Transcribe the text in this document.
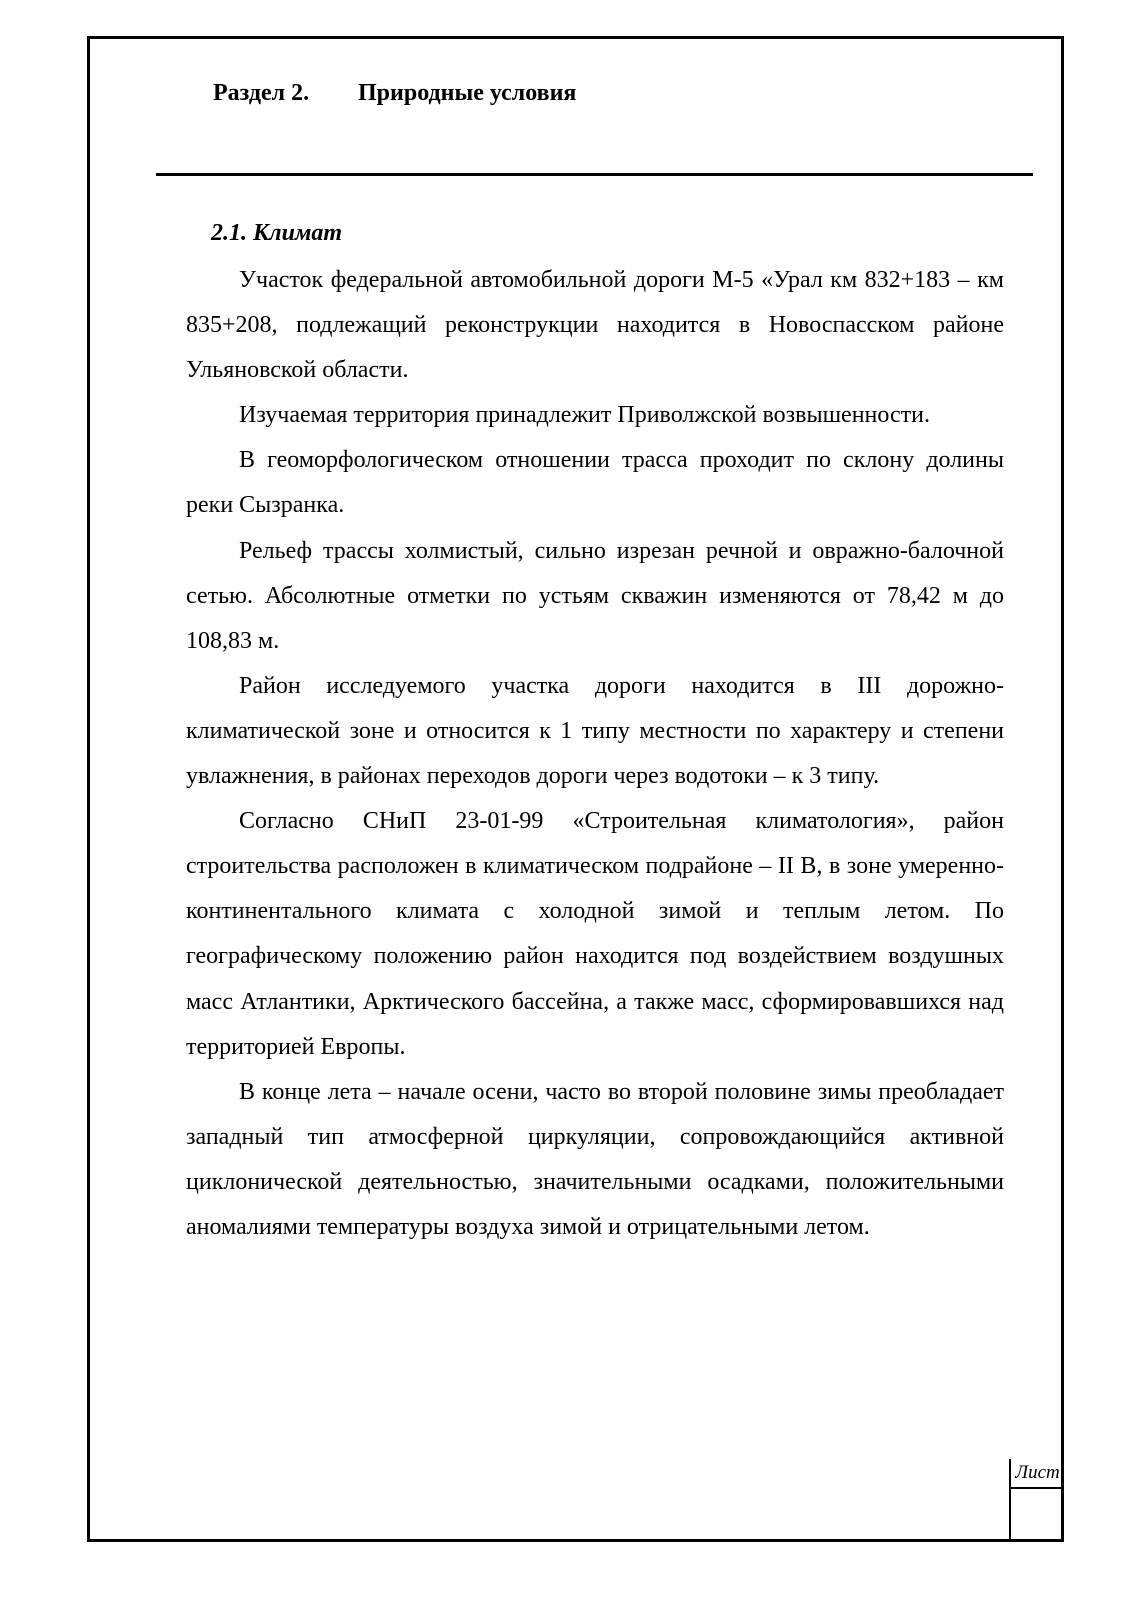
Раздел 2. Природные условия
2.1. Климат

Участок федеральной автомобильной дороги М-5 «Урал км 832+183 – км 835+208, подлежащий реконструкции находится в Новоспасском районе Ульяновской области.

Изучаемая территория принадлежит Приволжской возвышенности.

В геоморфологическом отношении трасса проходит по склону долины реки Сызранка.

Рельеф трассы холмистый, сильно изрезан речной и овражно-балочной сетью. Абсолютные отметки по устьям скважин изменяются от 78,42 м до 108,83 м.

Район исследуемого участка дороги находится в III дорожно-климатической зоне и относится к 1 типу местности по характеру и степени увлажнения, в районах переходов дороги через водотоки – к 3 типу.

Согласно СНиП 23-01-99 «Строительная климатология», район строительства расположен в климатическом подрайоне – II В, в зоне умеренно-континентального климата с холодной зимой и теплым летом. По географическому положению район находится под воздействием воздушных масс Атлантики, Арктического бассейна, а также масс, сформировавшихся над территорией Европы.

В конце лета – начале осени, часто во второй половине зимы преобладает западный тип атмосферной циркуляции, сопровождающийся активной циклонической деятельностью, значительными осадками, положительными аномалиями температуры воздуха зимой и отрицательными летом.

Лист
